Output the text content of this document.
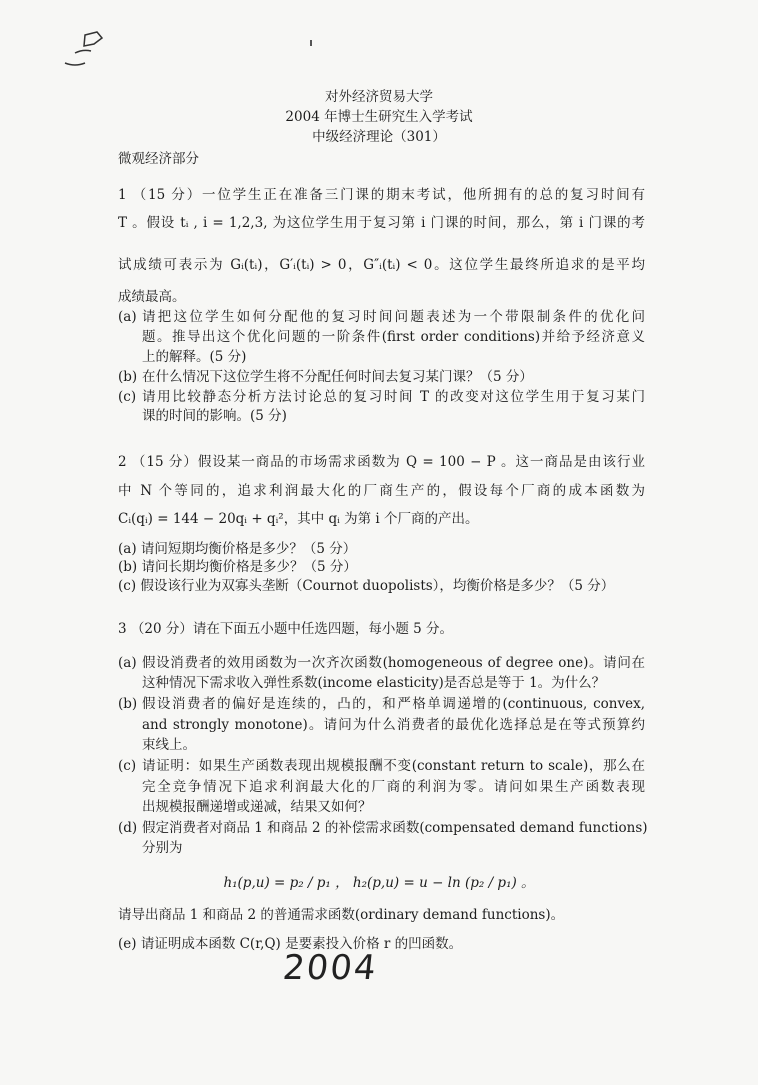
对外经济贸易大学
2004 年博士生研究生入学考试
中级经济理论（301）
微观经济部分
1 （15 分）一位学生正在准备三门课的期末考试，他所拥有的总的复习时间有
T 。假设 tᵢ , i = 1,2,3, 为这位学生用于复习第 i 门课的时间，那么，第 i 门课的考
试成绩可表示为 Gᵢ(tᵢ)，G′ᵢ(tᵢ) > 0，G″ᵢ(tᵢ) < 0。这位学生最终所追求的是平均
成绩最高。
(a) 请把这位学生如何分配他的复习时间问题表述为一个带限制条件的优化问
题。推导出这个优化问题的一阶条件(first order conditions)并给予经济意义
上的解释。(5 分)
(b) 在什么情况下这位学生将不分配任何时间去复习某门课？（5 分）
(c) 请用比较静态分析方法讨论总的复习时间 T 的改变对这位学生用于复习某门
课的时间的影响。(5 分)
2 （15 分）假设某一商品的市场需求函数为 Q = 100 − P 。这一商品是由该行业
中 N 个等同的，追求利润最大化的厂商生产的，假设每个厂商的成本函数为
Cᵢ(qᵢ) = 144 − 20qᵢ + qᵢ²，其中 qᵢ 为第 i 个厂商的产出。
(a) 请问短期均衡价格是多少？（5 分）
(b) 请问长期均衡价格是多少？（5 分）
(c) 假设该行业为双寡头垄断（Cournot duopolists），均衡价格是多少？（5 分）
3 （20 分）请在下面五小题中任选四题，每小题 5 分。
(a) 假设消费者的效用函数为一次齐次函数(homogeneous of degree one)。请问在
这种情况下需求收入弹性系数(income elasticity)是否总是等于 1。为什么？
(b) 假设消费者的偏好是连续的，凸的，和严格单调递增的(continuous, convex,
and strongly monotone)。请问为什么消费者的最优化选择总是在等式预算约
束线上。
(c) 请证明：如果生产函数表现出规模报酬不变(constant return to scale)，那么在
完全竞争情况下追求利润最大化的厂商的利润为零。请问如果生产函数表现
出规模报酬递增或递减，结果又如何？
(d) 假定消费者对商品 1 和商品 2 的补偿需求函数(compensated demand functions)
分别为
h₁(p,u) = p₂ / p₁ ， h₂(p,u) = u − ln (p₂ / p₁) 。
请导出商品 1 和商品 2 的普通需求函数(ordinary demand functions)。
(e) 请证明成本函数 C(r,Q) 是要素投入价格 r 的凹函数。
2004
